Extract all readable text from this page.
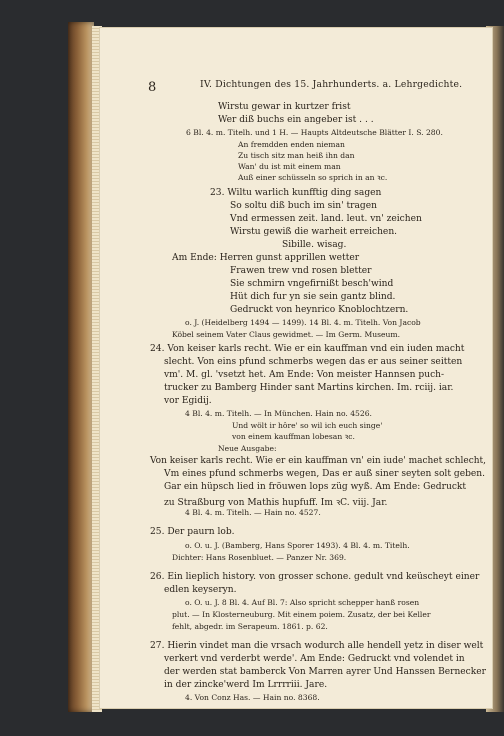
8	IV. Dichtungen des 15. Jahrhunderts. a. Lehrgedichte.
Wirstu gewar in kurtzer frist
Wer diß buchs ein angeber ist . . .
6 Bl. 4. m. Titelh. und 1 H. — Haupts Altdeutsche Blätter I. S. 280.
An fremdden enden nieman
Zu tisch sitz man heiß ihn dan
Wan' du ist mit einem man
Auß einer schüsseln so sprich in an ꝛc.
23. Wiltu warlich kunfftig ding sagen
So soltu diß buch im sin' tragen
Vnd ermessen zeit. land. leut. vn' zeichen
Wirstu gewiß die warheit erreichen.
Sibille. wisag.
Am Ende: Herren gunst apprillen wetter
Frawen trew vnd rosen bletter
Sie schmirn vngefirnißt besch'wind
Hüt dich fur yn sie sein gantz blind.
Gedruckt von heynrico Knoblochtzern.
o. J. (Heidelberg 1494 — 1499). 14 Bl. 4. m. Titelh. Von Jacob
Köbel seinem Vater Claus gewidmet. — Im Germ. Museum.
24. Von keiser karls recht. Wie er ein kauffman vnd ein iuden macht
slecht. Von eins pfund schmerbs wegen das er aus seiner seitten
vm'. M. gl. 'vsetzt het. Am Ende: Von meister Hannsen puch-
trucker zu Bamberg Hinder sant Martins kirchen. Im. rciij. iar.
vor Egidij.
4 Bl. 4. m. Titelh. — In München. Hain no. 4526.
Und wölt ir hôre' so wil ich euch singe'
von einem kauffman lobesan ꝛc.
Neue Ausgabe:
Von keiser karls recht. Wie er ein kauffman vn' ein iude' machet schlecht,
Vm eines pfund schmerbs wegen, Das er auß siner seyten solt geben.
Gar ein hüpsch lied in fröuwen lops züg wyß. Am Ende: Gedruckt
zu Straßburg von Mathis hupfuff. Im ꝛC. viij. Jar.
4 Bl. 4. m. Titelh. — Hain no. 4527.
25. Der paurn lob.
o. O. u. J. (Bamberg, Hans Sporer 1493). 4 Bl. 4. m. Titelh.
Dichter: Hans Rosenbluet. — Panzer Nr. 369.
26. Ein lieplich history. von grosser schone. gedult vnd keüscheyt einer
edlen keyseryn.
o. O. u. J. 8 Bl. 4. Auf Bl. 7: Also spricht schepper hanß rosen
plut. — In Klosterneuburg. Mit einem poiem. Zusatz, der bei Keller
fehlt, abgedr. im Serapeum. 1861. p. 62.
27. Hierin vindet man die vrsach wodurch alle hendell yetz in diser welt
verkert vnd verderbt werde'. Am Ende: Gedruckt vnd volendet in
der werden stat bamberck Von Marren ayrer Und Hanssen Bernecker
in der zincke'werd Im Lrrrriii. Jare.
4. Von Conz Has. — Hain no. 8368.
